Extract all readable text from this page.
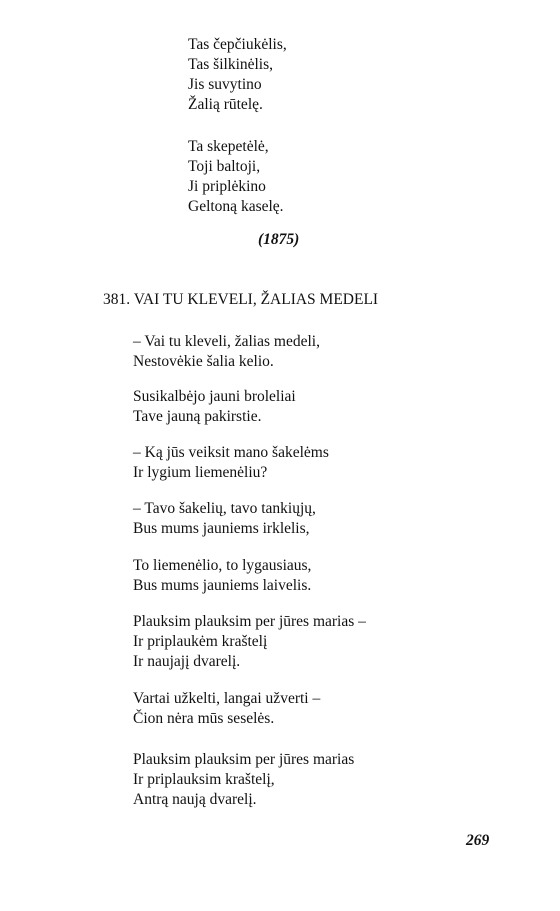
Tas čepčiukėlis,
Tas šilkinėlis,
Jis suvytino
Žalią rūtelę.
Ta skepetėlė,
Toji baltoji,
Ji priplėkino
Geltoną kaselę.
(1875)
381. VAI TU KLEVELI, ŽALIAS MEDELI
– Vai tu kleveli, žalias medeli,
Nestovėkie šalia kelio.
Susikalbėjo jauni broleliai
Tave jauną pakirstie.
– Ką jūs veiksit mano šakelėms
Ir lygium liemenėliu?
– Tavo šakelių, tavo tankiųjų,
Bus mums jauniems irklelis,
To liemenėlio, to lygausiaus,
Bus mums jauniems laivelis.
Plauksim plauksim per jūres marias –
Ir priplaukėm kraštelį
Ir naujajį dvarelį.
Vartai užkelti, langai užverti –
Čion nėra mūs seselės.
Plauksim plauksim per jūres marias
Ir priplauksim kraštelį,
Antrą naują dvarelį.
269
